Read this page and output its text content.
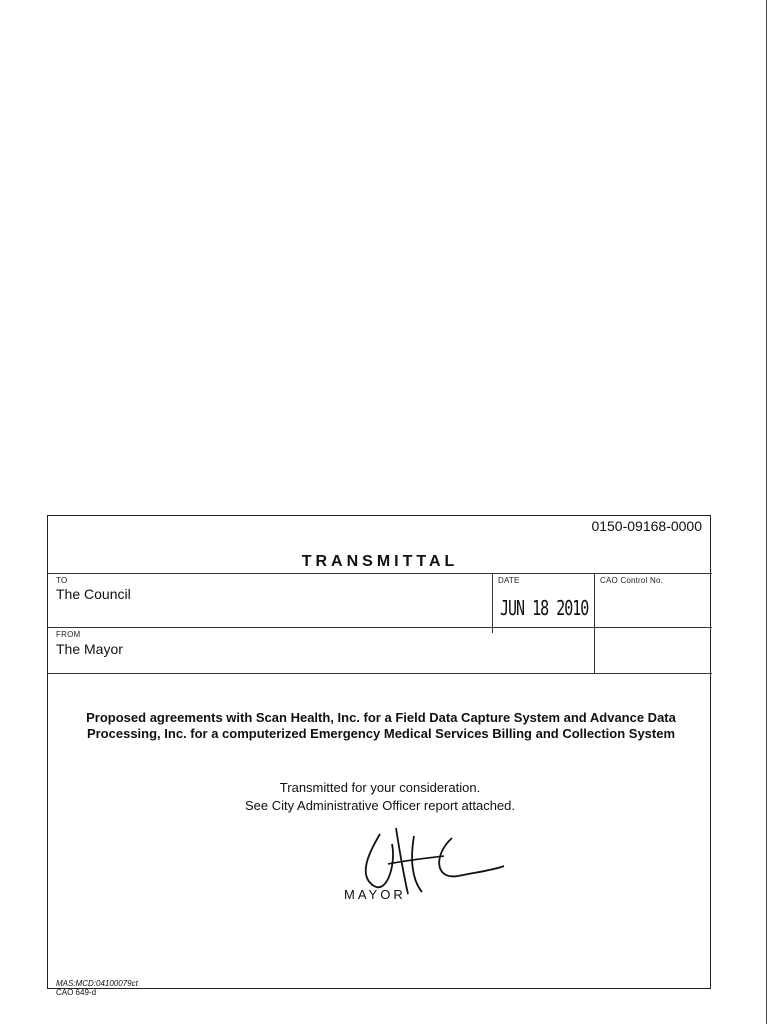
0150-09168-0000
TRANSMITTAL
TO
The Council
DATE
JUN 18 2010
CAO Control No.
FROM
The Mayor
Proposed agreements with Scan Health, Inc. for a Field Data Capture System and Advance Data Processing, Inc. for a computerized Emergency Medical Services Billing and Collection System
Transmitted for your consideration.
See City Administrative Officer report attached.
MAYOR
MAS:MCD:04100079ct
CAO 649-d
